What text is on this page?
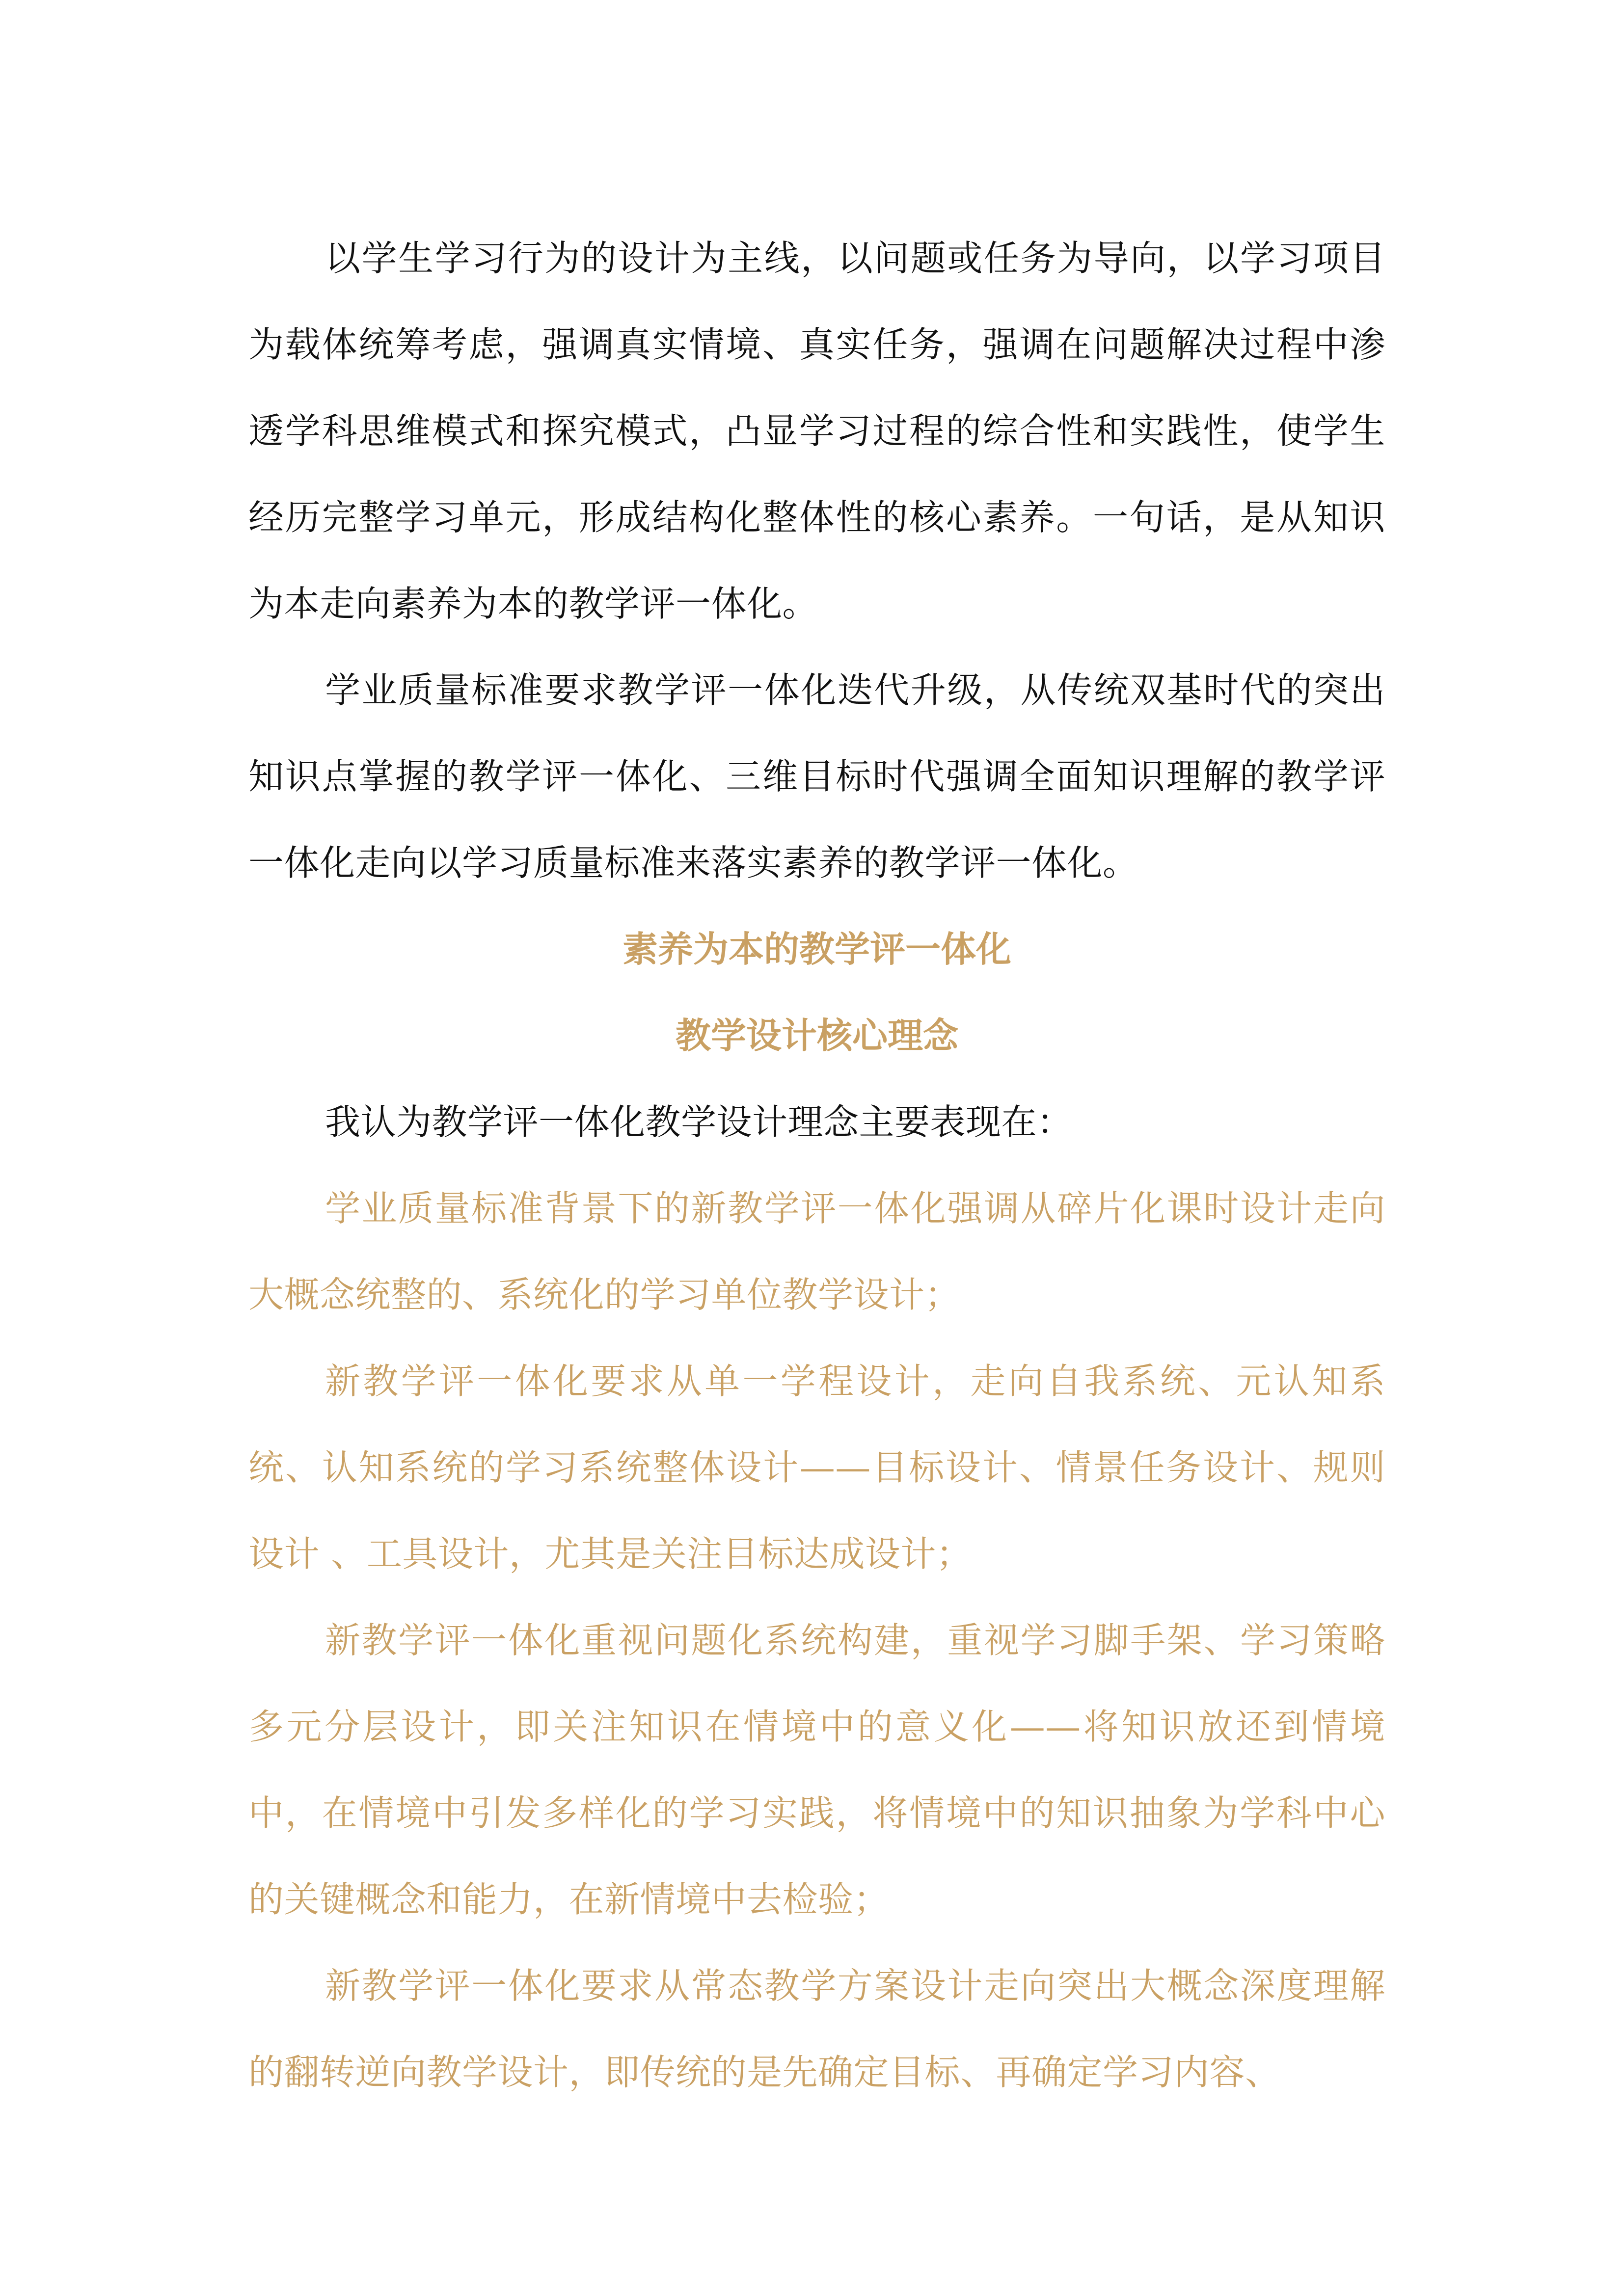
以学生学习行为的设计为主线，以问题或任务为导向，以学习项目为载体统筹考虑，强调真实情境、真实任务，强调在问题解决过程中渗透学科思维模式和探究模式，凸显学习过程的综合性和实践性，使学生经历完整学习单元，形成结构化整体性的核心素养。一句话，是从知识为本走向素养为本的教学评一体化。

学业质量标准要求教学评一体化迭代升级，从传统双基时代的突出知识点掌握的教学评一体化、三维目标时代强调全面知识理解的教学评一体化走向以学习质量标准来落实素养的教学评一体化。

素养为本的教学评一体化

教学设计核心理念

我认为教学评一体化教学设计理念主要表现在：

学业质量标准背景下的新教学评一体化强调从碎片化课时设计走向大概念统整的、系统化的学习单位教学设计；

新教学评一体化要求从单一学程设计，走向自我系统、元认知系统、认知系统的学习系统整体设计——目标设计、情景任务设计、规则设计 、工具设计，尤其是关注目标达成设计；

新教学评一体化重视问题化系统构建，重视学习脚手架、学习策略多元分层设计，即关注知识在情境中的意义化——将知识放还到情境中，在情境中引发多样化的学习实践，将情境中的知识抽象为学科中心的关键概念和能力，在新情境中去检验；

新教学评一体化要求从常态教学方案设计走向突出大概念深度理解的翻转逆向教学设计，即传统的是先确定目标、再确定学习内容、
